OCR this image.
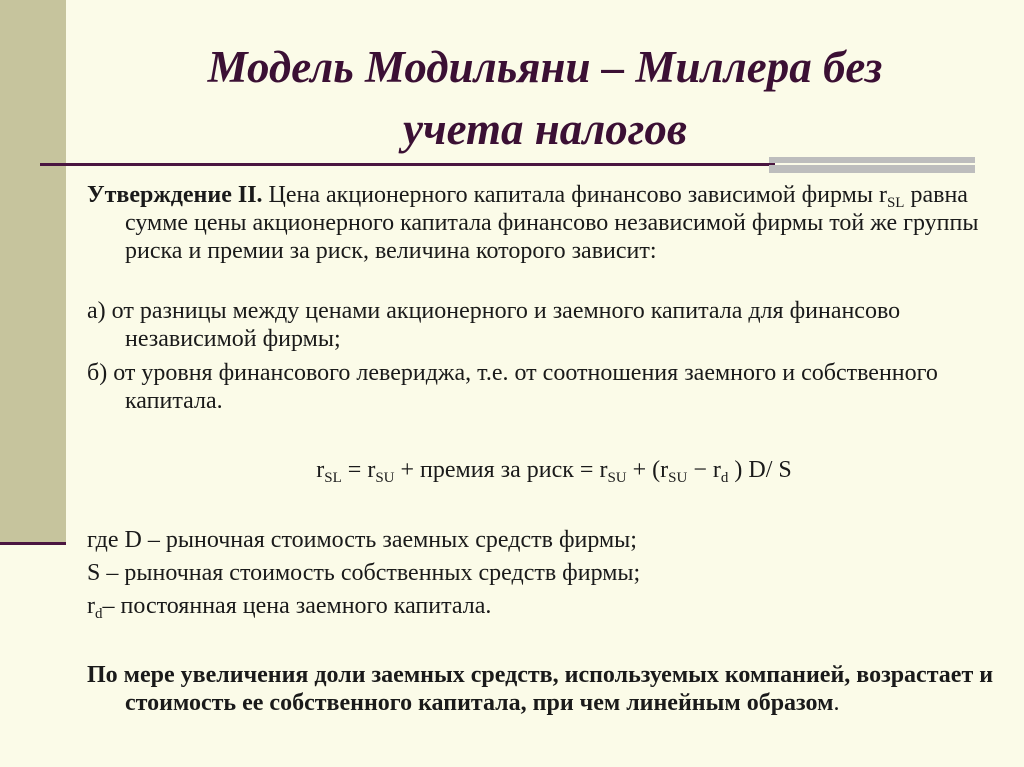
Модель Модильяни – Миллера без
учета налогов

Утверждение II. Цена акционерного капитала финансово зависимой фирмы $r_{SL}$ равна сумме цены акционерного капитала финансово независимой фирмы той же группы риска и премии за риск, величина которого зависит:

а) от разницы между ценами акционерного и заемного капитала для финансово независимой фирмы;

б) от уровня финансового левериджа, т.е. от соотношения заемного и собственного капитала.

$r_{SL} = r_{SU}$ + премия за риск = $r_{SU} + (r_{SU} - r_d$ ) D/ S
где D – рыночная стоимость заемных средств фирмы;
S – рыночная стоимость собственных средств фирмы;
$r_d-$ постоянная цена заемного капитала.

По мере увеличения доли заемных средств, используемых компанией, возрастает и стоимость ее собственного капитала, при чем линейным образом.
